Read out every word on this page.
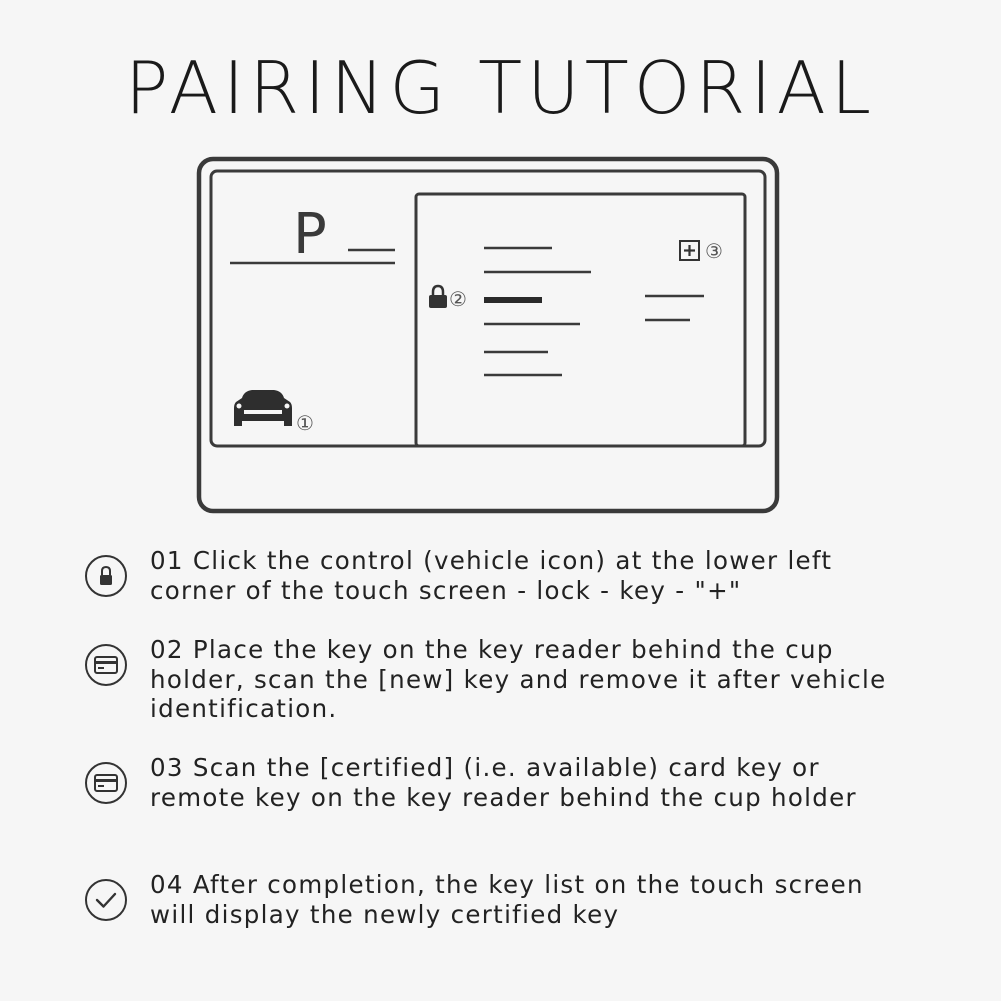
PAIRING TUTORIAL
P
①
②
③
01 Click the control (vehicle icon) at the lower left
corner of the touch screen - lock - key - "+"
02 Place the key on the key reader behind the cup
holder, scan the [new] key and remove it after vehicle
identification.
03 Scan the [certified] (i.e. available) card key or
remote key on the key reader behind the cup holder
04 After completion, the key list on the touch screen
will display the newly certified key
